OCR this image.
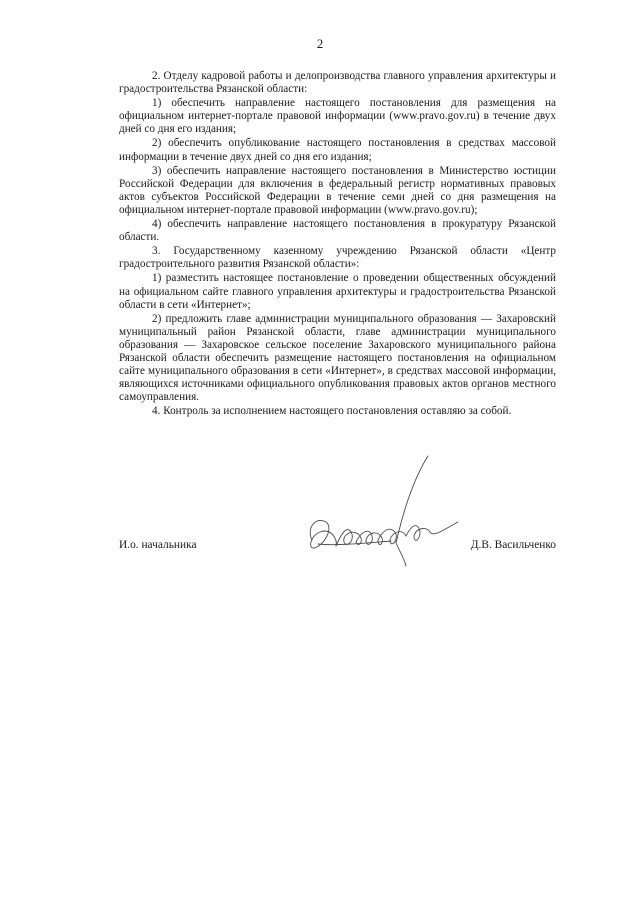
2

2. Отделу кадровой работы и делопроизводства главного управления архитектуры и градостроительства Рязанской области:

1) обеспечить направление настоящего постановления для размещения на официальном интернет-портале правовой информации (www.pravo.gov.ru) в течение двух дней со дня его издания;

2) обеспечить опубликование настоящего постановления в средствах массовой информации в течение двух дней со дня его издания;

3) обеспечить направление настоящего постановления в Министерство юстиции Российской Федерации для включения в федеральный регистр нормативных правовых актов субъектов Российской Федерации в течение семи дней со дня размещения на официальном интернет-портале правовой информации (www.pravo.gov.ru);

4) обеспечить направление настоящего постановления в прокуратуру Рязанской области.

3. Государственному казенному учреждению Рязанской области «Центр градостроительного развития Рязанской области»:

1) разместить настоящее постановление о проведении общественных обсуждений на официальном сайте главного управления архитектуры и градостроительства Рязанской области в сети «Интернет»;

2) предложить главе администрации муниципального образования — Захаровский муниципальный район Рязанской области, главе администрации муниципального образования — Захаровское сельское поселение Захаровского муниципального района Рязанской области обеспечить размещение настоящего постановления на официальном сайте муниципального образования в сети «Интернет», в средствах массовой информации, являющихся источниками официального опубликования правовых актов органов местного самоуправления.

4. Контроль за исполнением настоящего постановления оставляю за собой.

И.о. начальника	Д.В. Васильченко
